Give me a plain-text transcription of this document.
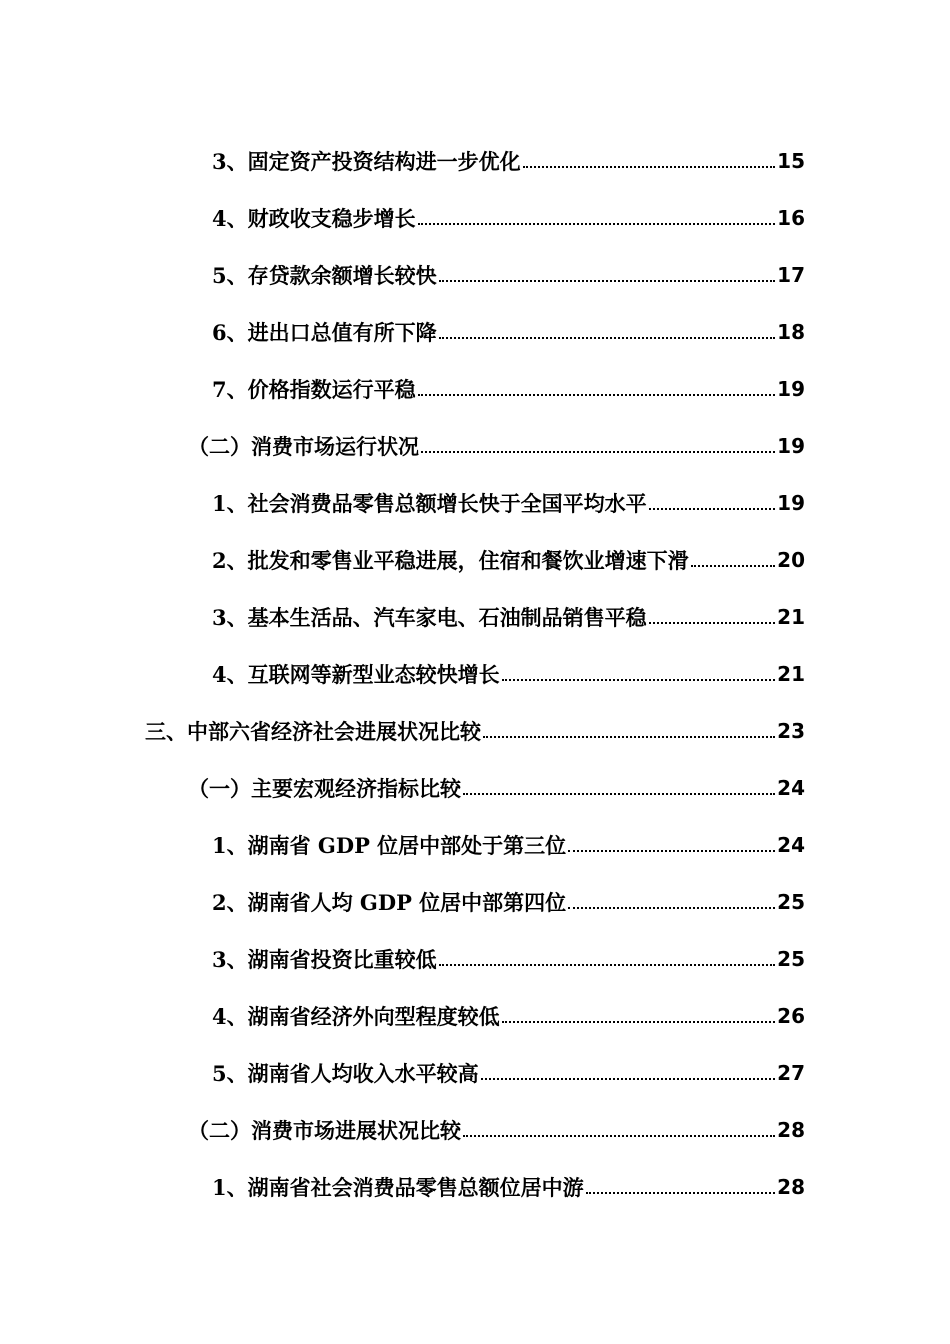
3、固定资产投资结构进一步优化	15
4、财政收支稳步增长	16
5、存贷款余额增长较快	17
6、进出口总值有所下降	18
7、价格指数运行平稳	19
（二）消费市场运行状况	19
1、社会消费品零售总额增长快于全国平均水平	19
2、批发和零售业平稳进展，住宿和餐饮业增速下滑	20
3、基本生活品、汽车家电、石油制品销售平稳	21
4、互联网等新型业态较快增长	21
三、中部六省经济社会进展状况比较	23
（一）主要宏观经济指标比较	24
1、湖南省 GDP 位居中部处于第三位	24
2、湖南省人均 GDP 位居中部第四位	25
3、湖南省投资比重较低	25
4、湖南省经济外向型程度较低	26
5、湖南省人均收入水平较高	27
（二）消费市场进展状况比较	28
1、湖南省社会消费品零售总额位居中游	28
